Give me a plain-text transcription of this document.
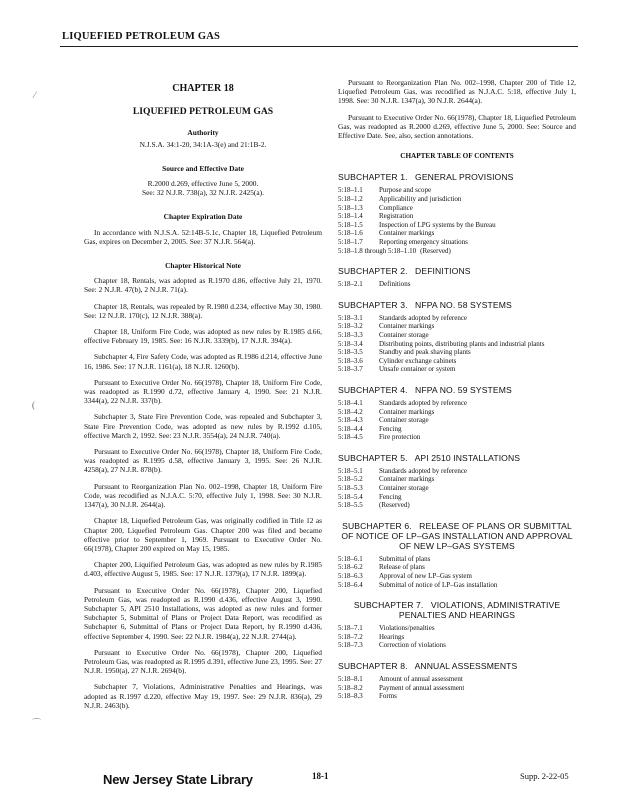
LIQUEFIED PETROLEUM GAS
⁄
(
⌒
CHAPTER 18
LIQUEFIED PETROLEUM GAS
Authority
N.J.S.A. 34:1-20, 34:1A-3(e) and 21:1B-2.
Source and Effective Date
R.2000 d.269, effective June 5, 2000.
See: 32 N.J.R. 738(a), 32 N.J.R. 2425(a).
Chapter Expiration Date

In accordance with N.J.S.A. 52:14B-5.1c, Chapter 18, Liquefied Petroleum Gas, expires on December 2, 2005. See: 37 N.J.R. 564(a).

Chapter Historical Note

Chapter 18, Rentals, was adopted as R.1970 d.86, effective July 21, 1970. See: 2 N.J.R. 47(b), 2 N.J.R. 71(a).

Chapter 18, Rentals, was repealed by R.1980 d.234, effective May 30, 1980. See: 12 N.J.R. 170(c), 12 N.J.R. 388(a).

Chapter 18, Uniform Fire Code, was adopted as new rules by R.1985 d.66, effective February 19, 1985. See: 16 N.J.R. 3339(b), 17 N.J.R. 394(a).

Subchapter 4, Fire Safety Code, was adopted as R.1986 d.214, effective June 16, 1986. See: 17 N.J.R. 1161(a), 18 N.J.R. 1260(b).

Pursuant to Executive Order No. 66(1978), Chapter 18, Uniform Fire Code, was readopted as R.1990 d.72, effective January 4, 1990. See: 21 N.J.R. 3344(a), 22 N.J.R. 337(b).

Subchapter 3, State Fire Prevention Code, was repealed and Subchapter 3, State Fire Prevention Code, was adopted as new rules by R.1992 d.105, effective March 2, 1992. See: 23 N.J.R. 3554(a), 24 N.J.R. 740(a).

Pursuant to Executive Order No. 66(1978), Chapter 18, Uniform Fire Code, was readopted as R.1995 d.58, effective January 3, 1995. See: 26 N.J.R. 4258(a), 27 N.J.R. 878(b).

Pursuant to Reorganization Plan No. 002–1998, Chapter 18, Uniform Fire Code, was recodified as N.J.A.C. 5:70, effective July 1, 1998. See: 30 N.J.R. 1347(a), 30 N.J.R. 2644(a).

Chapter 18, Liquefied Petroleum Gas, was originally codified in Title 12 as Chapter 200, Liquefied Petroleum Gas. Chapter 200 was filed and became effective prior to September 1, 1969. Pursuant to Executive Order No. 66(1978), Chapter 200 expired on May 15, 1985.

Chapter 200, Liquified Petroleum Gas, was adopted as new rules by R.1985 d.403, effective August 5, 1985. See: 17 N.J.R. 1379(a), 17 N.J.R. 1899(a).

Pursuant to Executive Order No. 66(1978), Chapter 200, Liquefied Petroleum Gas, was readopted as R.1990 d.436, effective August 3, 1990. Subchapter 5, API 2510 Installations, was adopted as new rules and former Subchapter 5, Submittal of Plans or Project Data Report, was recodified as Subchapter 6, Submittal of Plans or Project Data Report, by R.1990 d.436, effective September 4, 1990. See: 22 N.J.R. 1984(a), 22 N.J.R. 2744(a).

Pursuant to Executive Order No. 66(1978), Chapter 200, Liquefied Petroleum Gas, was readopted as R.1995 d.391, effective June 23, 1995. See: 27 N.J.R. 1950(a), 27 N.J.R. 2694(b).

Subchapter 7, Violations, Administrative Penalties and Hearings, was adopted as R.1997 d.220, effective May 19, 1997. See: 29 N.J.R. 836(a), 29 N.J.R. 2463(b).

Pursuant to Reorganization Plan No. 002–1998, Chapter 200 of Title 12, Liquefied Petroleum Gas, was recodified as N.J.A.C. 5:18, effective July 1, 1998. See: 30 N.J.R. 1347(a), 30 N.J.R. 2644(a).

Pursuant to Executive Order No. 66(1978), Chapter 18, Liquefied Petroleum Gas, was readopted as R.2000 d.269, effective June 5, 2000. See: Source and Effective Date. See, also, section annotations.

CHAPTER TABLE OF CONTENTS
SUBCHAPTER 1.   GENERAL PROVISIONS
5:18–1.1	Purpose and scope
5:18–1.2	Applicability and jurisdiction
5:18–1.3	Compliance
5:18–1.4	Registration
5:18–1.5	Inspection of LPG systems by the Bureau
5:18–1.6	Container markings
5:18–1.7	Reporting emergency situations
5:18–1.8 through 5:18–1.10 (Reserved)
SUBCHAPTER 2.   DEFINITIONS
5:18–2.1	Definitions
SUBCHAPTER 3.   NFPA NO. 58 SYSTEMS
5:18–3.1	Standards adopted by reference
5:18–3.2	Container markings
5:18–3.3	Container storage
5:18–3.4	Distributing points, distributing plants and industrial plants
5:18–3.5	Standby and peak shaving plants
5:18–3.6	Cylinder exchange cabinets
5:18–3.7	Unsafe container or system
SUBCHAPTER 4.   NFPA NO. 59 SYSTEMS
5:18–4.1	Standards adopted by reference
5:18–4.2	Container markings
5:18–4.3	Container storage
5:18–4.4	Fencing
5:18–4.5	Fire protection
SUBCHAPTER 5.   API 2510 INSTALLATIONS
5:18–5.1	Standards adopted by reference
5:18–5.2	Container markings
5:18–5.3	Container storage
5:18–5.4	Fencing
5:18–5.5	(Reserved)
SUBCHAPTER 6.   RELEASE OF PLANS OR SUBMITTAL OF NOTICE OF LP–GAS INSTALLATION AND APPROVAL OF NEW LP–GAS SYSTEMS
5:18–6.1	Submittal of plans
5:18–6.2	Release of plans
5:18–6.3	Approval of new LP–Gas system
5:18–6.4	Submittal of notice of LP–Gas installation
SUBCHAPTER 7.   VIOLATIONS, ADMINISTRATIVE PENALTIES AND HEARINGS
5:18–7.1	Violations/penalties
5:18–7.2	Hearings
5:18–7.3	Correction of violations
SUBCHAPTER 8.   ANNUAL ASSESSMENTS
5:18–8.1	Amount of annual assessment
5:18–8.2	Payment of annual assessment
5:18–8.3	Forms
New Jersey State Library	18-1	Supp. 2-22-05
